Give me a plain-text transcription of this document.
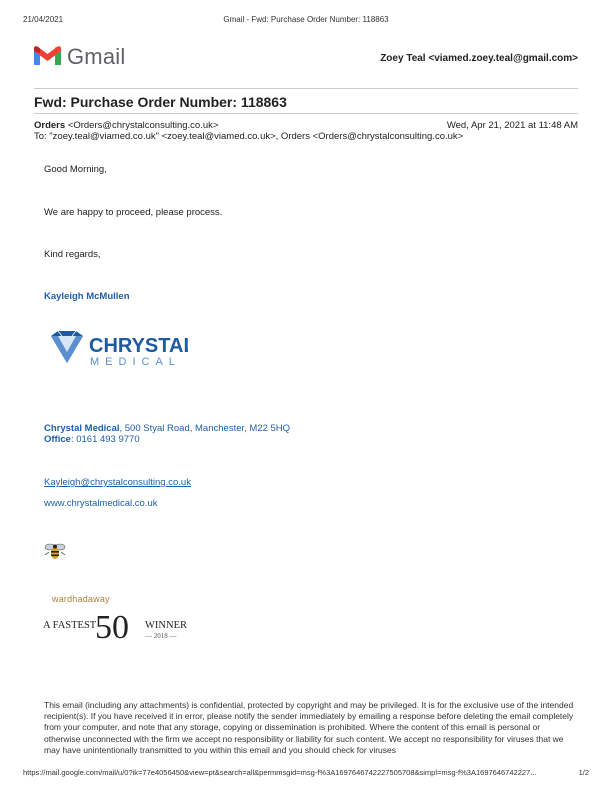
21/04/2021	Gmail - Fwd: Purchase Order Number: 118863
Gmail	Zoey Teal <viamed.zoey.teal@gmail.com>
Fwd: Purchase Order Number: 118863
Orders <Orders@chrystalconsulting.co.uk>	Wed, Apr 21, 2021 at 11:48 AM
To: "zoey.teal@viamed.co.uk" <zoey.teal@viamed.co.uk>, Orders <Orders@chrystalconsulting.co.uk>
Good Morning,
We are happy to proceed, please process.
Kind regards,
Kayleigh McMullen
CHRYSTAL
MEDICAL
Chrystal Medical, 500 Styal Road, Manchester, M22 5HQ
Office: 0161 493 9770
Kayleigh@chrystalconsulting.co.uk
www.chrystalmedical.co.uk
wardhadaway
A FASTEST
50 WINNER
— 2018 —
This email (including any attachments) is confidential, protected by copyright and may be privileged. It is for the exclusive use of the intended recipient(s). If you have received it in error, please notify the sender immediately by emailing a response before deleting the email completely from your computer, and note that any storage, copying or dissemination is prohibited. Where the content of this email is personal or otherwise unconnected with the firm we accept no responsibility or liability for such content. We accept no responsibility for viruses that we may have unintentionally transmitted to you within this email and you should check for viruses
https://mail.google.com/mail/u/0?ik=77e4056450&view=pt&search=all&permmsgid=msg-f%3A1697646742227505708&simpl=msg-f%3A1697646742227...	1/2
